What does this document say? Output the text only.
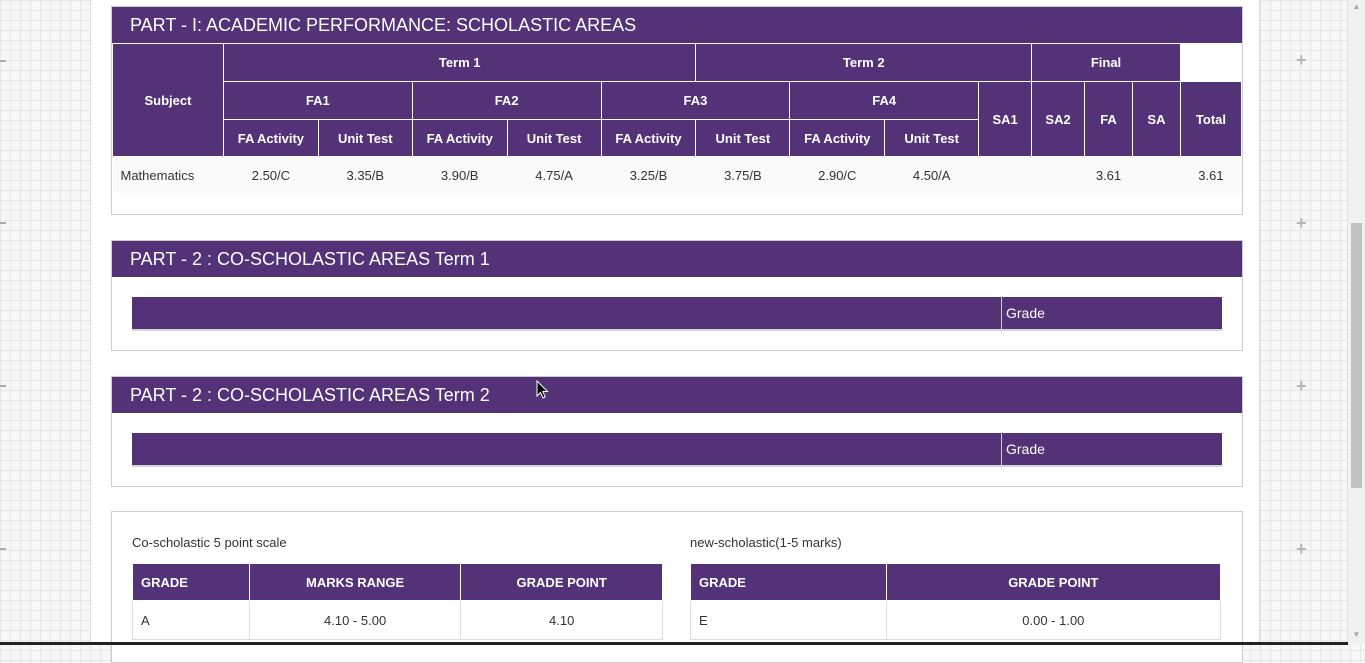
+
+
+
+
PART - I: ACADEMIC PERFORMANCE: SCHOLASTIC AREAS
Subject	Term 1					Term 2				Final			
	FA1		FA2		FA3		FA4		SA1	SA2	FA	SA	Total
	FA Activity	Unit Test	FA Activity	Unit Test	FA Activity	Unit Test	FA Activity	Unit Test					
Mathematics	2.50/C	3.35/B	3.90/B	4.75/A	3.25/B	3.75/B	2.90/C	4.50/A			3.61		3.61
PART - 2 : CO-SCHOLASTIC AREAS Term 1
Grade
PART - 2 : CO-SCHOLASTIC AREAS Term 2
Grade
Co-scholastic 5 point scale
GRADE	MARKS RANGE	GRADE POINT
A	4.10 - 5.00	4.10
new-scholastic(1-5 marks)
GRADE	GRADE POINT
E	0.00 - 1.00
▲
▼
